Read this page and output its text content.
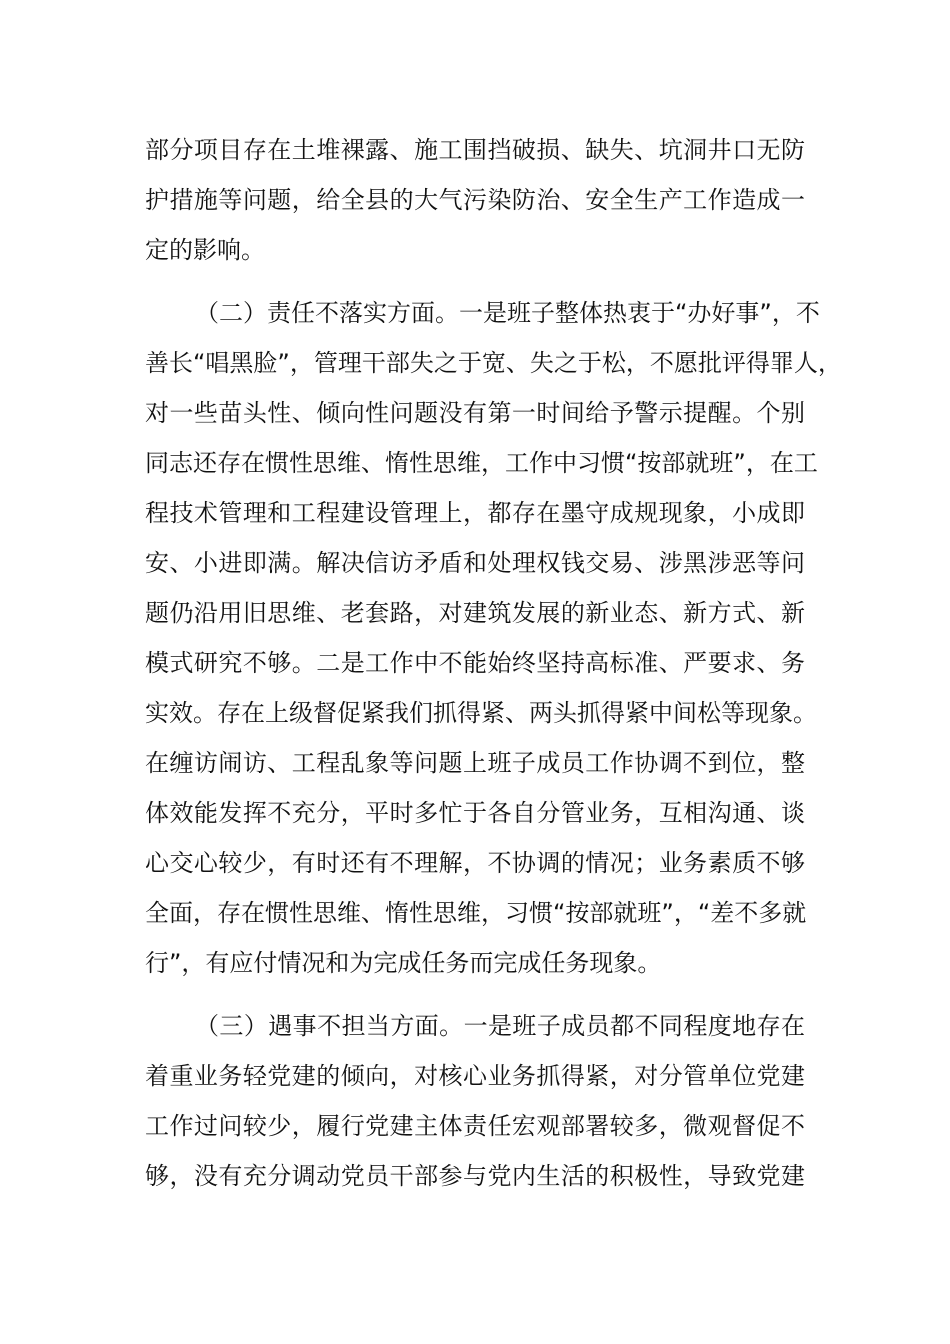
部分项目存在土堆裸露、施工围挡破损、缺失、坑洞井口无防
护措施等问题，给全县的大气污染防治、安全生产工作造成一
定的影响。
（二）责任不落实方面。一是班子整体热衷于“办好事”，不
善长“唱黑脸”，管理干部失之于宽、失之于松，不愿批评得罪人，
对一些苗头性、倾向性问题没有第一时间给予警示提醒。个别
同志还存在惯性思维、惰性思维，工作中习惯“按部就班”，在工
程技术管理和工程建设管理上，都存在墨守成规现象，小成即
安、小进即满。解决信访矛盾和处理权钱交易、涉黑涉恶等问
题仍沿用旧思维、老套路，对建筑发展的新业态、新方式、新
模式研究不够。二是工作中不能始终坚持高标准、严要求、务
实效。存在上级督促紧我们抓得紧、两头抓得紧中间松等现象。
在缠访闹访、工程乱象等问题上班子成员工作协调不到位，整
体效能发挥不充分，平时多忙于各自分管业务，互相沟通、谈
心交心较少，有时还有不理解，不协调的情况；业务素质不够
全面，存在惯性思维、惰性思维，习惯“按部就班”，“差不多就
行”，有应付情况和为完成任务而完成任务现象。
（三）遇事不担当方面。一是班子成员都不同程度地存在
着重业务轻党建的倾向，对核心业务抓得紧，对分管单位党建
工作过问较少，履行党建主体责任宏观部署较多，微观督促不
够，没有充分调动党员干部参与党内生活的积极性，导致党建
